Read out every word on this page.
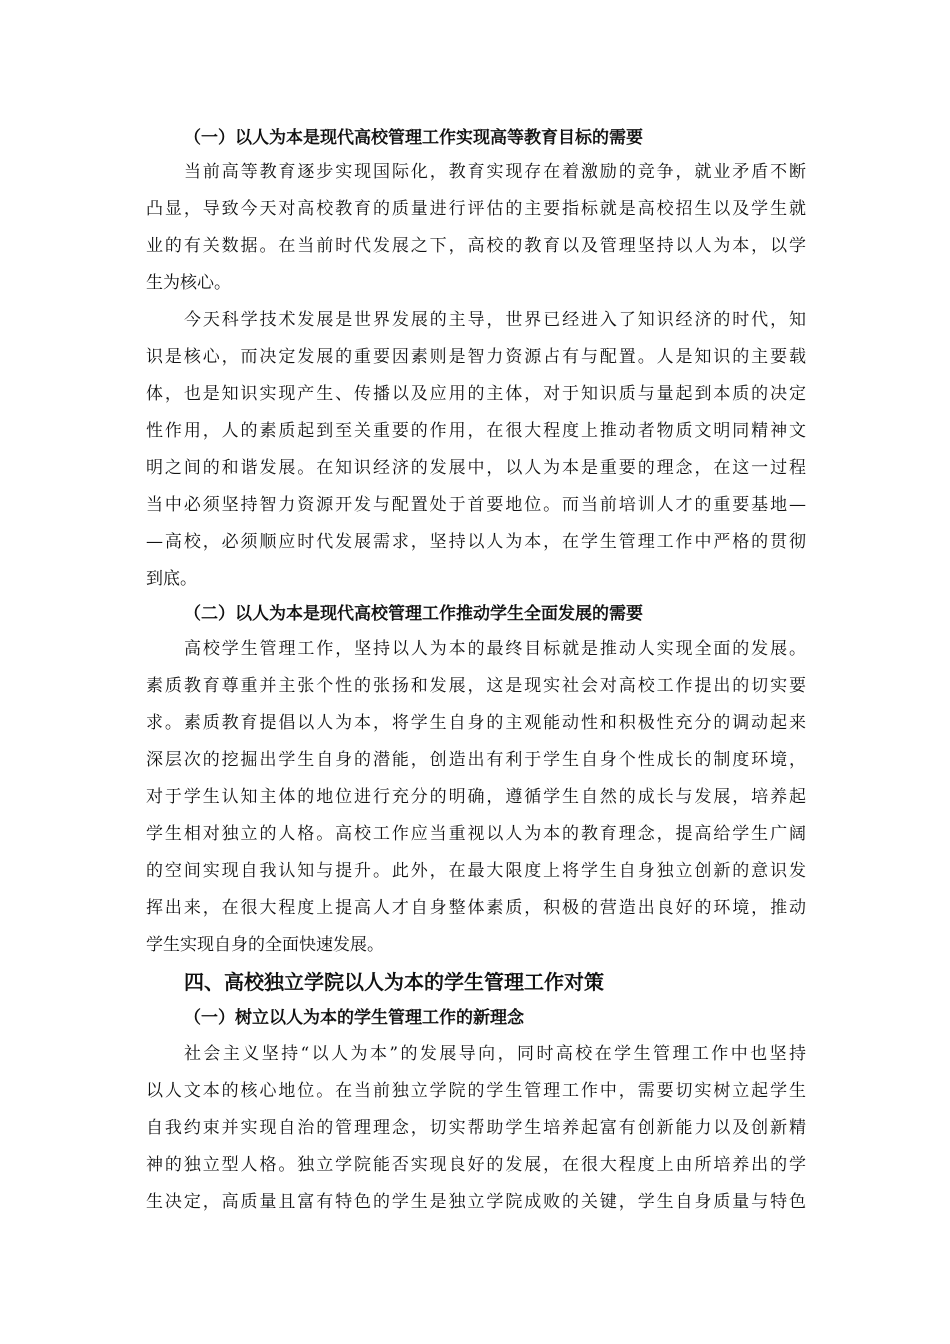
（一）以人为本是现代高校管理工作实现高等教育目标的需要
当前高等教育逐步实现国际化，教育实现存在着激励的竞争，就业矛盾不断
凸显，导致今天对高校教育的质量进行评估的主要指标就是高校招生以及学生就
业的有关数据。在当前时代发展之下，高校的教育以及管理坚持以人为本，以学
生为核心。
今天科学技术发展是世界发展的主导，世界已经进入了知识经济的时代，知
识是核心，而决定发展的重要因素则是智力资源占有与配置。人是知识的主要载
体，也是知识实现产生、传播以及应用的主体，对于知识质与量起到本质的决定
性作用，人的素质起到至关重要的作用，在很大程度上推动者物质文明同精神文
明之间的和谐发展。在知识经济的发展中，以人为本是重要的理念，在这一过程
当中必须坚持智力资源开发与配置处于首要地位。而当前培训人才的重要基地—
—高校，必须顺应时代发展需求，坚持以人为本，在学生管理工作中严格的贯彻
到底。
（二）以人为本是现代高校管理工作推动学生全面发展的需要
高校学生管理工作，坚持以人为本的最终目标就是推动人实现全面的发展。
素质教育尊重并主张个性的张扬和发展，这是现实社会对高校工作提出的切实要
求。素质教育提倡以人为本，将学生自身的主观能动性和积极性充分的调动起来
深层次的挖掘出学生自身的潜能，创造出有利于学生自身个性成长的制度环境，
对于学生认知主体的地位进行充分的明确，遵循学生自然的成长与发展，培养起
学生相对独立的人格。高校工作应当重视以人为本的教育理念，提高给学生广阔
的空间实现自我认知与提升。此外，在最大限度上将学生自身独立创新的意识发
挥出来，在很大程度上提高人才自身整体素质，积极的营造出良好的环境，推动
学生实现自身的全面快速发展。
四、高校独立学院以人为本的学生管理工作对策
（一）树立以人为本的学生管理工作的新理念
社会主义坚持“以人为本”的发展导向，同时高校在学生管理工作中也坚持
以人文本的核心地位。在当前独立学院的学生管理工作中，需要切实树立起学生
自我约束并实现自治的管理理念，切实帮助学生培养起富有创新能力以及创新精
神的独立型人格。独立学院能否实现良好的发展，在很大程度上由所培养出的学
生决定，高质量且富有特色的学生是独立学院成败的关键，学生自身质量与特色
